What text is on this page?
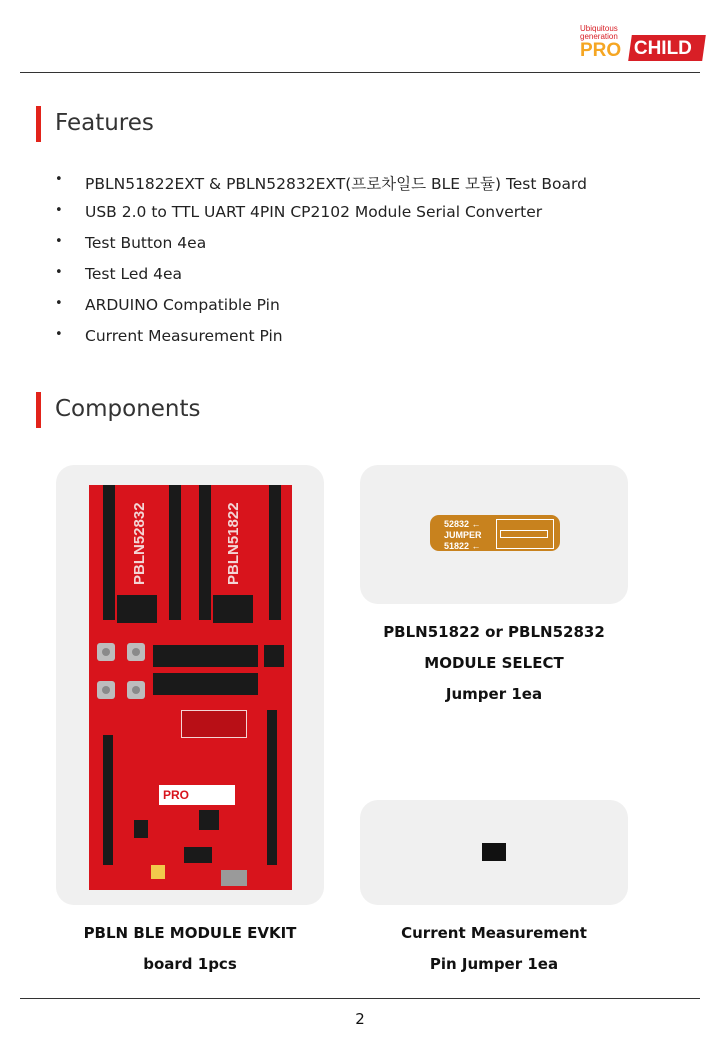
Ubiquitous
generation
PRO CHILD
Features
• PBLN51822EXT & PBLN52832EXT(프로차일드 BLE 모듈) Test Board
• USB 2.0 to TTL UART 4PIN CP2102 Module Serial Converter
• Test Button 4ea
• Test Led 4ea
• ARDUINO Compatible Pin
• Current Measurement Pin
Components
PBLN52832	PBLN51822
PRO
PBLN BLE MODULE EVKIT
board 1pcs
52832 ←
JUMPER
51822 ←
PBLN51822 or PBLN52832
MODULE SELECT
Jumper 1ea
Current Measurement
Pin Jumper 1ea
2
